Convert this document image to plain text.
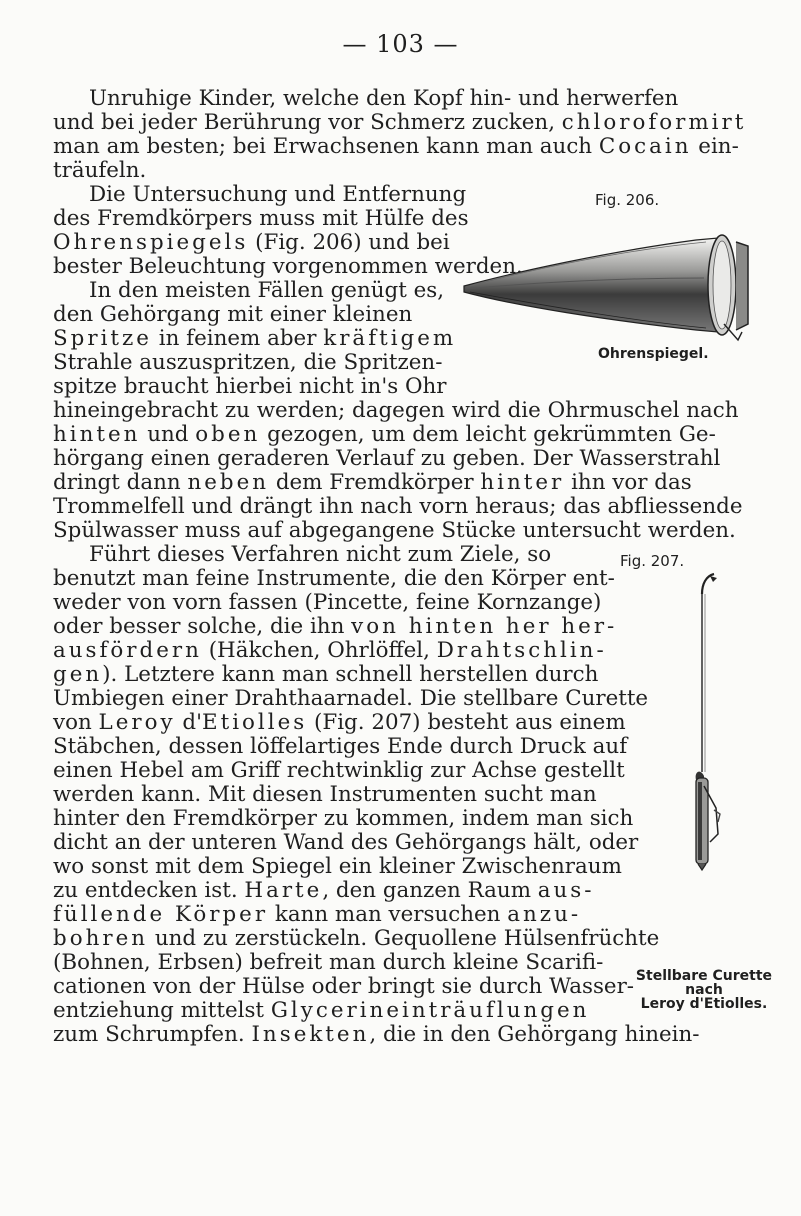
— 103 —
Unruhige Kinder, welche den Kopf hin- und herwerfen
und bei jeder Berührung vor Schmerz zucken, chloroformirt
man am besten; bei Erwachsenen kann man auch Cocain ein-
träufeln.
Die Untersuchung und Entfernung
des Fremdkörpers muss mit Hülfe des
Ohrenspiegels (Fig. 206) und bei
bester Beleuchtung vorgenommen werden.
Fig. 206.
Ohrenspiegel.
In den meisten Fällen genügt es,
den Gehörgang mit einer kleinen
Spritze in feinem aber kräftigem
Strahle auszuspritzen, die Spritzen-
spitze braucht hierbei nicht in's Ohr
hineingebracht zu werden; dagegen wird die Ohrmuschel nach
hinten und oben gezogen, um dem leicht gekrümmten Ge-
hörgang einen geraderen Verlauf zu geben. Der Wasserstrahl
dringt dann neben dem Fremdkörper hinter ihn vor das
Trommelfell und drängt ihn nach vorn heraus; das abfliessende
Spülwasser muss auf abgegangene Stücke untersucht werden.
Führt dieses Verfahren nicht zum Ziele, so
benutzt man feine Instrumente, die den Körper ent-
weder von vorn fassen (Pincette, feine Kornzange)
oder besser solche, die ihn von hinten her her-
ausfördern (Häkchen, Ohrlöffel, Drahtschlin-
gen). Letztere kann man schnell herstellen durch
Umbiegen einer Drahthaarnadel. Die stellbare Curette
von Leroy d'Etiolles (Fig. 207) besteht aus einem
Stäbchen, dessen löffelartiges Ende durch Druck auf
einen Hebel am Griff rechtwinklig zur Achse gestellt
werden kann. Mit diesen Instrumenten sucht man
hinter den Fremdkörper zu kommen, indem man sich
dicht an der unteren Wand des Gehörgangs hält, oder
wo sonst mit dem Spiegel ein kleiner Zwischenraum
zu entdecken ist. Harte, den ganzen Raum aus-
füllende Körper kann man versuchen anzu-
bohren und zu zerstückeln. Gequollene Hülsenfrüchte
(Bohnen, Erbsen) befreit man durch kleine Scarifi-
cationen von der Hülse oder bringt sie durch Wasser-
entziehung mittelst Glycerineinträuflungen
zum Schrumpfen. Insekten, die in den Gehörgang hinein-
Fig. 207.
Stellbare Curette
nach
Leroy d'Etiolles.
